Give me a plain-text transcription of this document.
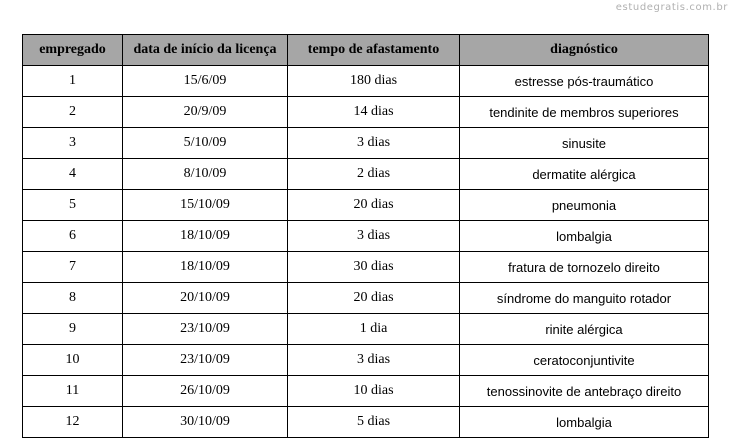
estudegratis.com.br
empregado	data de início da licença	tempo de afastamento	diagnóstico
1	15/6/09	180 dias	estresse pós-traumático
2	20/9/09	14 dias	tendinite de membros superiores
3	5/10/09	3 dias	sinusite
4	8/10/09	2 dias	dermatite alérgica
5	15/10/09	20 dias	pneumonia
6	18/10/09	3 dias	lombalgia
7	18/10/09	30 dias	fratura de tornozelo direito
8	20/10/09	20 dias	síndrome do manguito rotador
9	23/10/09	1 dia	rinite alérgica
10	23/10/09	3 dias	ceratoconjuntivite
11	26/10/09	10 dias	tenossinovite de antebraço direito
12	30/10/09	5 dias	lombalgia
